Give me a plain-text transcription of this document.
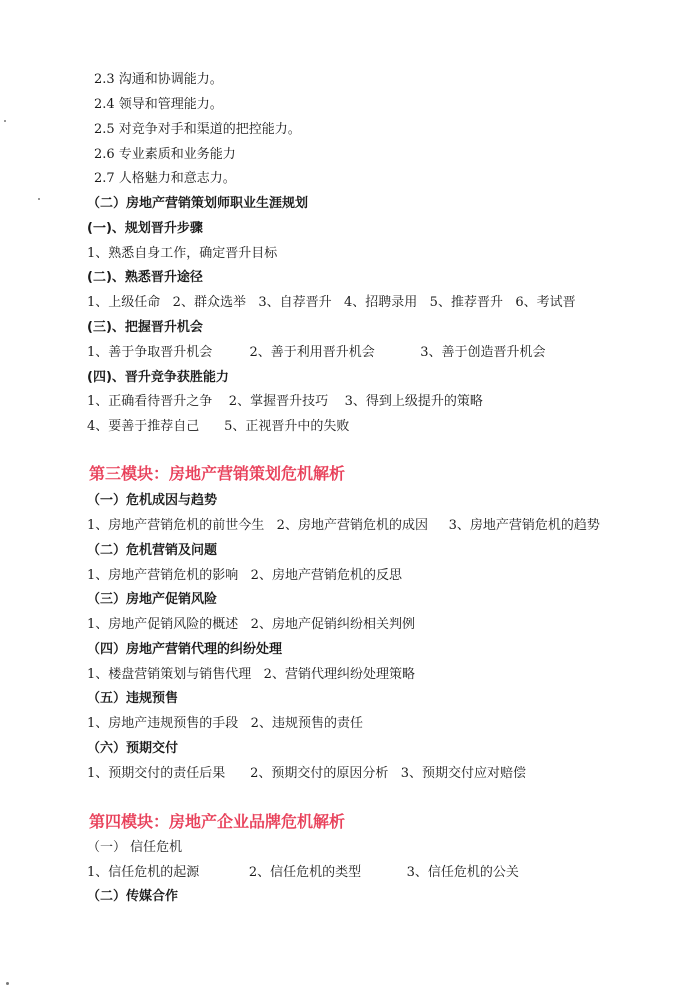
2.3 沟通和协调能力。
2.4 领导和管理能力。
2.5 对竞争对手和渠道的把控能力。
2.6 专业素质和业务能力
2.7 人格魅力和意志力。
（二）房地产营销策划师职业生涯规划
(一)、规划晋升步骤
1、熟悉自身工作，确定晋升目标
(二)、熟悉晋升途径
1、上级任命   2、群众选举   3、自荐晋升   4、招聘录用   5、推荐晋升   6、考试晋
(三)、把握晋升机会
1、善于争取晋升机会         2、善于利用晋升机会           3、善于创造晋升机会
(四)、晋升竞争获胜能力
1、正确看待晋升之争    2、掌握晋升技巧    3、得到上级提升的策略
4、要善于推荐自己      5、正视晋升中的失败
第三模块：房地产营销策划危机解析
（一）危机成因与趋势
1、房地产营销危机的前世今生   2、房地产营销危机的成因     3、房地产营销危机的趋势
（二）危机营销及问题
1、房地产营销危机的影响   2、房地产营销危机的反思
（三）房地产促销风险
1、房地产促销风险的概述   2、房地产促销纠纷相关判例
（四）房地产营销代理的纠纷处理
1、楼盘营销策划与销售代理   2、营销代理纠纷处理策略
（五）违规预售
1、房地产违规预售的手段   2、违规预售的责任
（六）预期交付
1、预期交付的责任后果      2、预期交付的原因分析   3、预期交付应对赔偿
第四模块：房地产企业品牌危机解析
（一） 信任危机
1、信任危机的起源            2、信任危机的类型           3、信任危机的公关
（二）传媒合作
